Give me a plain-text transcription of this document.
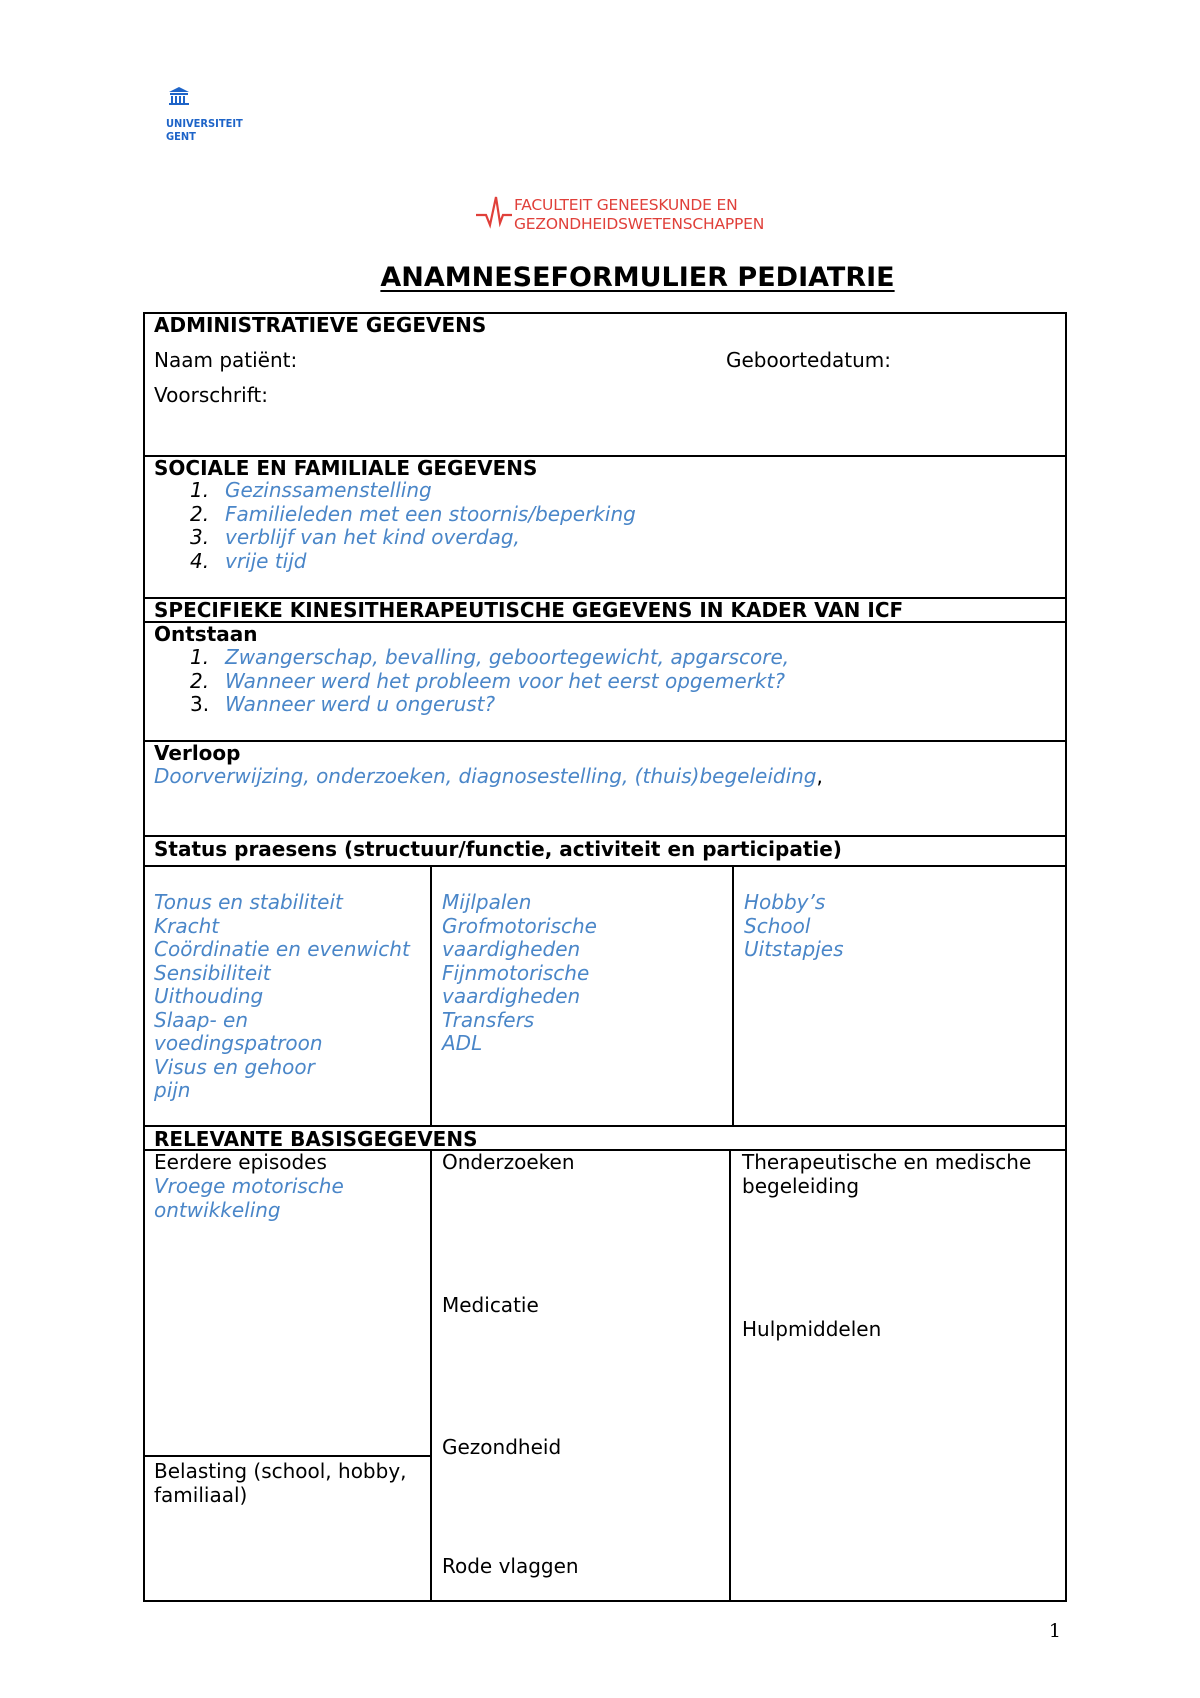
UNIVERSITEIT
GENT
FACULTEIT GENEESKUNDE EN
GEZONDHEIDSWETENSCHAPPEN
ANAMNESEFORMULIER PEDIATRIE
ADMINISTRATIEVE GEGEVENS
Naam patiënt:	Geboortedatum:
Voorschrift:
SOCIALE EN FAMILIALE GEGEVENS
1. Gezinssamenstelling
2. Familieleden met een stoornis/beperking
3. verblijf van het kind overdag,
4. vrije tijd
SPECIFIEKE KINESITHERAPEUTISCHE GEGEVENS IN KADER VAN ICF
Ontstaan
1. Zwangerschap, bevalling, geboortegewicht, apgarscore,
2. Wanneer werd het probleem voor het eerst opgemerkt?
3. Wanneer werd u ongerust?
Verloop
Doorverwijzing, onderzoeken, diagnosestelling, (thuis)begeleiding,
Status praesens (structuur/functie, activiteit en participatie)
Tonus en stabiliteit
Kracht
Coördinatie en evenwicht
Sensibiliteit
Uithouding
Slaap- en
voedingspatroon
Visus en gehoor
pijn
Mijlpalen
Grofmotorische
vaardigheden
Fijnmotorische
vaardigheden
Transfers
ADL
Hobby’s
School
Uitstapjes
RELEVANTE BASISGEGEVENS
Eerdere episodes
Vroege motorische
ontwikkeling
Belasting (school, hobby,
familiaal)
Onderzoeken
Medicatie
Gezondheid
Rode vlaggen
Therapeutische en medische
begeleiding
Hulpmiddelen
1
